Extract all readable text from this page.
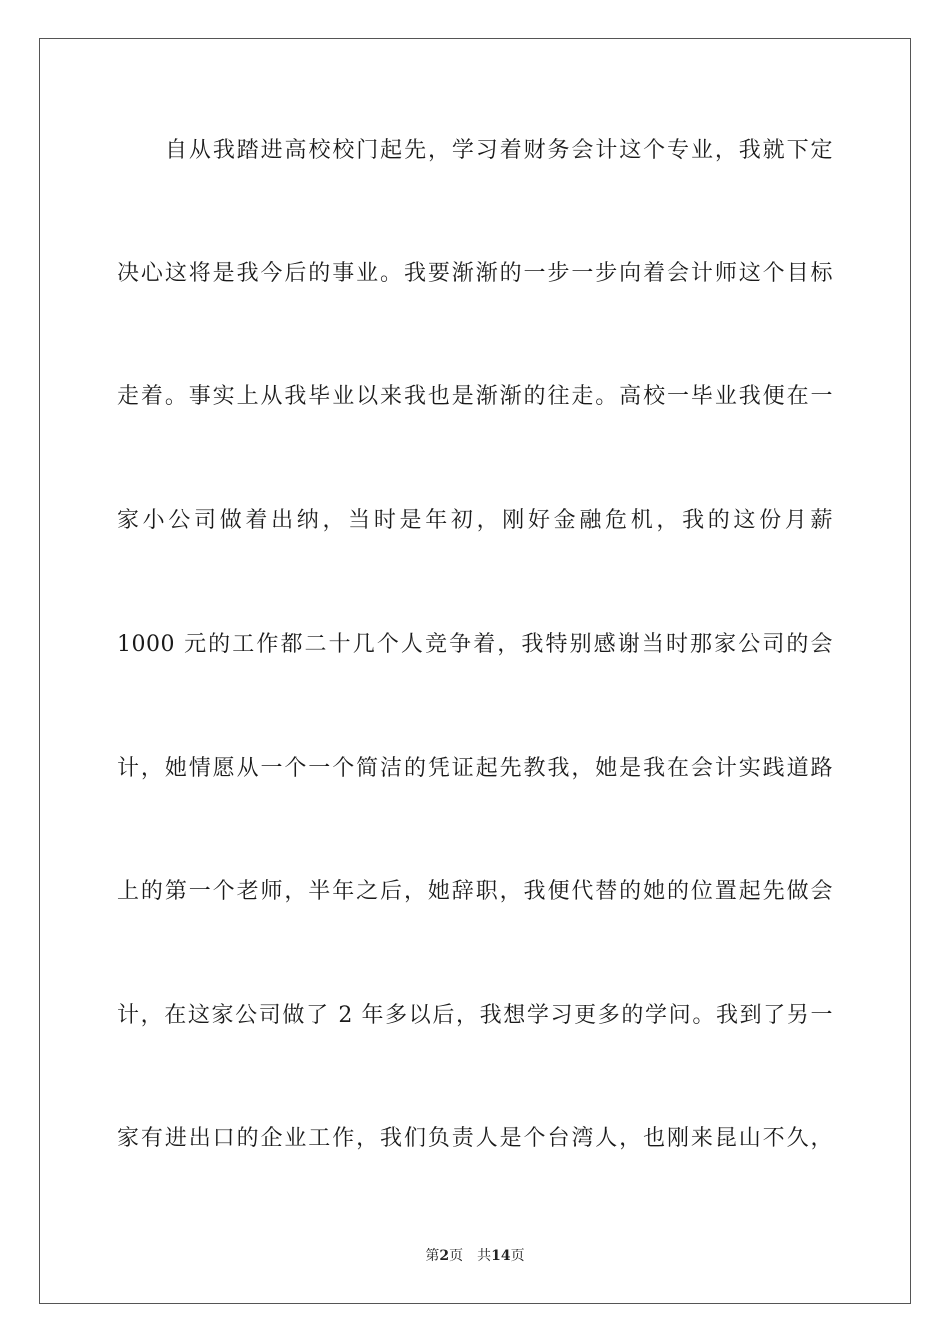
自从我踏进高校校门起先，学习着财务会计这个专业，我就下定
决心这将是我今后的事业。我要渐渐的一步一步向着会计师这个目标
走着。事实上从我毕业以来我也是渐渐的往走。高校一毕业我便在一
家小公司做着出纳，当时是年初，刚好金融危机，我的这份月薪
1000 元的工作都二十几个人竞争着，我特别感谢当时那家公司的会
计，她情愿从一个一个简洁的凭证起先教我，她是我在会计实践道路
上的第一个老师，半年之后，她辞职，我便代替的她的位置起先做会
计，在这家公司做了 2 年多以后，我想学习更多的学问。我到了另一
家有进出口的企业工作，我们负责人是个台湾人，也刚来昆山不久，
第2页 共14页
